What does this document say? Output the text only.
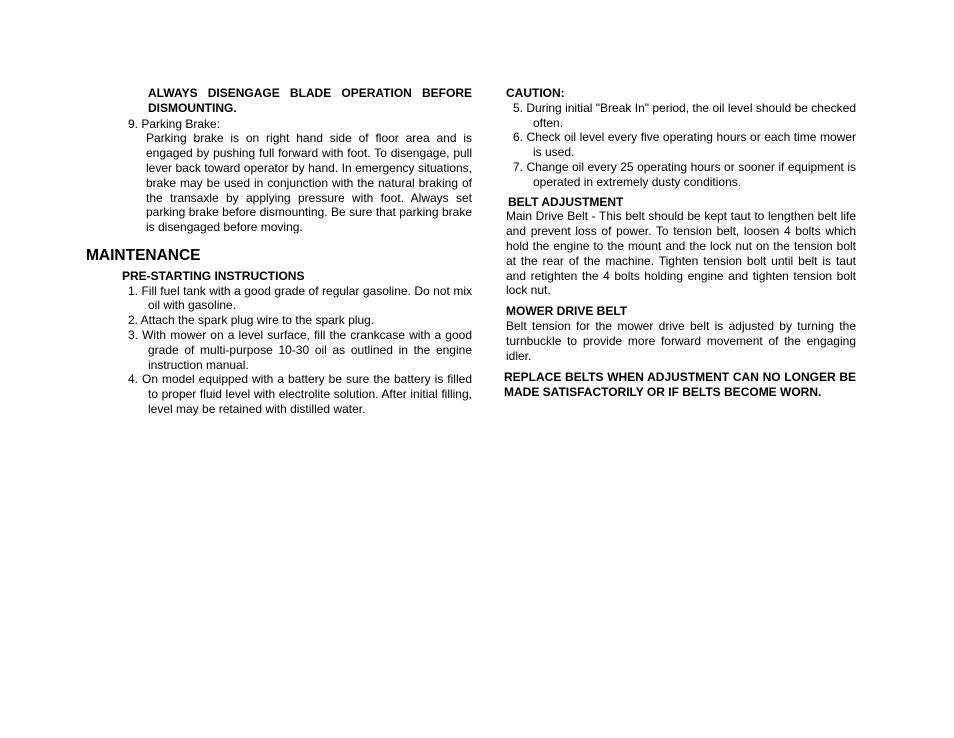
ALWAYS DISENGAGE BLADE OPERATION BEFORE DISMOUNTING.
9. Parking Brake:
Parking brake is on right hand side of floor area and is engaged by pushing full forward with foot. To disengage, pull lever back toward operator by hand. In emergency situations, brake may be used in conjunction with the natural braking of the transaxle by applying pressure with foot. Always set parking brake before dismounting. Be sure that parking brake is disengaged before moving.
MAINTENANCE
PRE-STARTING INSTRUCTIONS
1. Fill fuel tank with a good grade of regular gasoline. Do not mix oil with gasoline.
2. Attach the spark plug wire to the spark plug.
3. With mower on a level surface, fill the crankcase with a good grade of multi-purpose 10-30 oil as outlined in the engine instruction manual.
4. On model equipped with a battery be sure the battery is filled to proper fluid level with electrolite solution. After initial filling, level may be retained with distilled water.
CAUTION:
5. During initial "Break In" period, the oil level should be checked often.
6. Check oil level every five operating hours or each time mower is used.
7. Change oil every 25 operating hours or sooner if equipment is operated in extremely dusty conditions.
BELT ADJUSTMENT
Main Drive Belt - This belt should be kept taut to lengthen belt life and prevent loss of power. To tension belt, loosen 4 bolts which hold the engine to the mount and the lock nut on the tension bolt at the rear of the machine. Tighten tension bolt until belt is taut and retighten the 4 bolts holding engine and tighten tension bolt lock nut.
MOWER DRIVE BELT
Belt tension for the mower drive belt is adjusted by turning the turnbuckle to provide more forward movement of the engaging idler.
REPLACE BELTS WHEN ADJUSTMENT CAN NO LONGER BE MADE SATISFACTORILY OR IF BELTS BECOME WORN.
